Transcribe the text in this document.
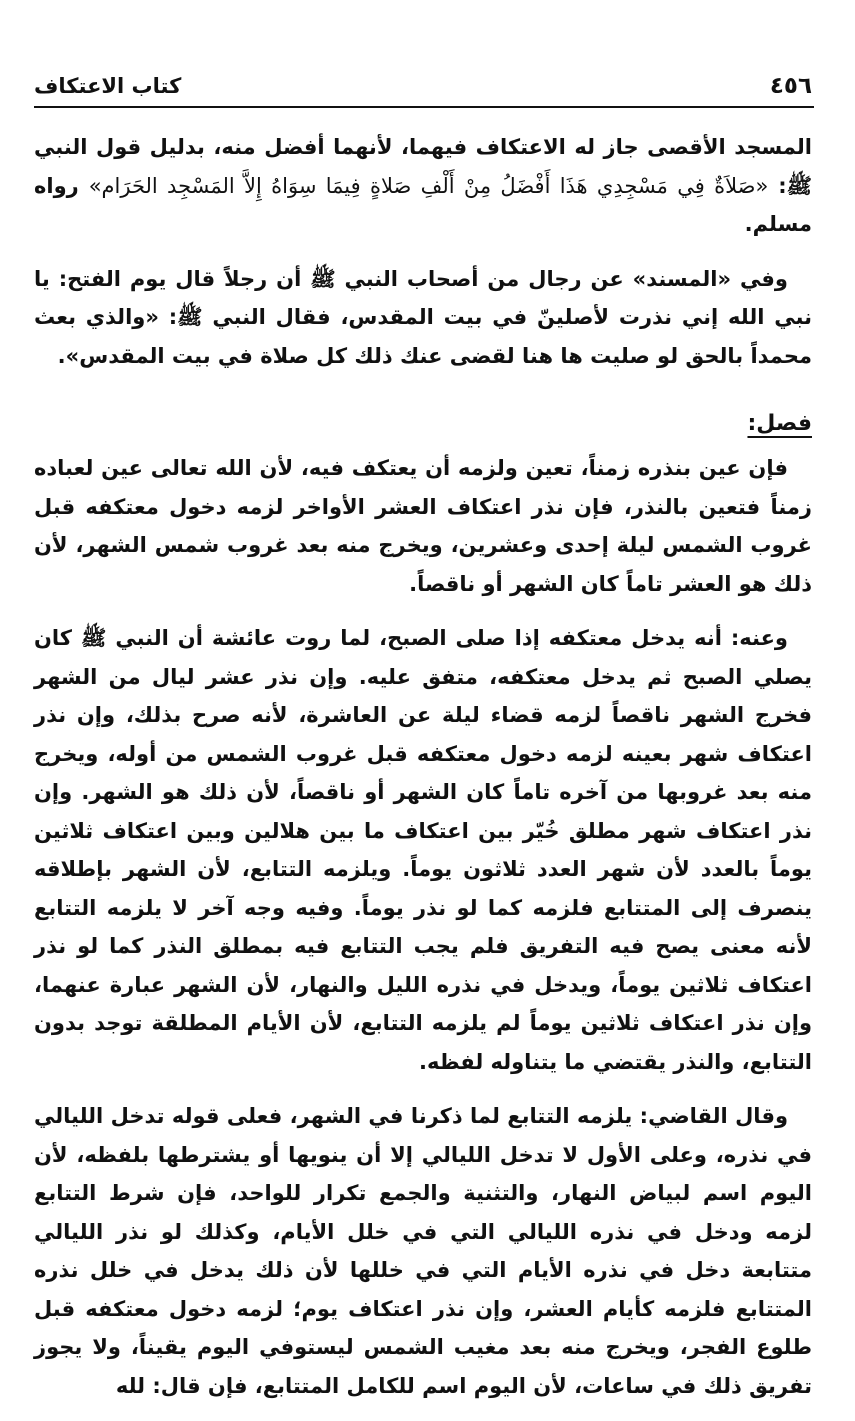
٤٥٦
كتاب الاعتكاف

المسجد الأقصى جاز له الاعتكاف فيهما، لأنهما أفضل منه، بدليل قول النبي ﷺ: «صَلاَةٌ فِي مَسْجِدِي هَذَا أَفْضَلُ مِنْ أَلْفِ صَلاةٍ فِيمَا سِوَاهُ إِلاَّ المَسْجِد الحَرَام» رواه مسلم.

وفي «المسند» عن رجال من أصحاب النبي ﷺ أن رجلاً قال يوم الفتح: يا نبي الله إني نذرت لأصلينّ في بيت المقدس، فقال النبي ﷺ: «والذي بعث محمداً بالحق لو صليت ها هنا لقضى عنك ذلك كل صلاة في بيت المقدس».

فصل:

فإن عين بنذره زمناً، تعين ولزمه أن يعتكف فيه، لأن الله تعالى عين لعباده زمناً فتعين بالنذر، فإن نذر اعتكاف العشر الأواخر لزمه دخول معتكفه قبل غروب الشمس ليلة إحدى وعشرين، ويخرج منه بعد غروب شمس الشهر، لأن ذلك هو العشر تاماً كان الشهر أو ناقصاً.

وعنه: أنه يدخل معتكفه إذا صلى الصبح، لما روت عائشة أن النبي ﷺ كان يصلي الصبح ثم يدخل معتكفه، متفق عليه. وإن نذر عشر ليال من الشهر فخرج الشهر ناقصاً لزمه قضاء ليلة عن العاشرة، لأنه صرح بذلك، وإن نذر اعتكاف شهر بعينه لزمه دخول معتكفه قبل غروب الشمس من أوله، ويخرج منه بعد غروبها من آخره تاماً كان الشهر أو ناقصاً، لأن ذلك هو الشهر. وإن نذر اعتكاف شهر مطلق خُيّر بين اعتكاف ما بين هلالين وبين اعتكاف ثلاثين يوماً بالعدد لأن شهر العدد ثلاثون يوماً. ويلزمه التتابع، لأن الشهر بإطلاقه ينصرف إلى المتتابع فلزمه كما لو نذر يوماً. وفيه وجه آخر لا يلزمه التتابع لأنه معنى يصح فيه التفريق فلم يجب التتابع فيه بمطلق النذر كما لو نذر اعتكاف ثلاثين يوماً، ويدخل في نذره الليل والنهار، لأن الشهر عبارة عنهما، وإن نذر اعتكاف ثلاثين يوماً لم يلزمه التتابع، لأن الأيام المطلقة توجد بدون التتابع، والنذر يقتضي ما يتناوله لفظه.

وقال القاضي: يلزمه التتابع لما ذكرنا في الشهر، فعلى قوله تدخل الليالي في نذره، وعلى الأول لا تدخل الليالي إلا أن ينويها أو يشترطها بلفظه، لأن اليوم اسم لبياض النهار، والتثنية والجمع تكرار للواحد، فإن شرط التتابع لزمه ودخل في نذره الليالي التي في خلل الأيام، وكذلك لو نذر الليالي متتابعة دخل في نذره الأيام التي في خللها لأن ذلك يدخل في خلل نذره المتتابع فلزمه كأيام العشر، وإن نذر اعتكاف يوم؛ لزمه دخول معتكفه قبل طلوع الفجر، ويخرج منه بعد مغيب الشمس ليستوفي اليوم يقيناً، ولا يجوز تفريق ذلك في ساعات، لأن اليوم اسم للكامل المتتابع، فإن قال: لله
